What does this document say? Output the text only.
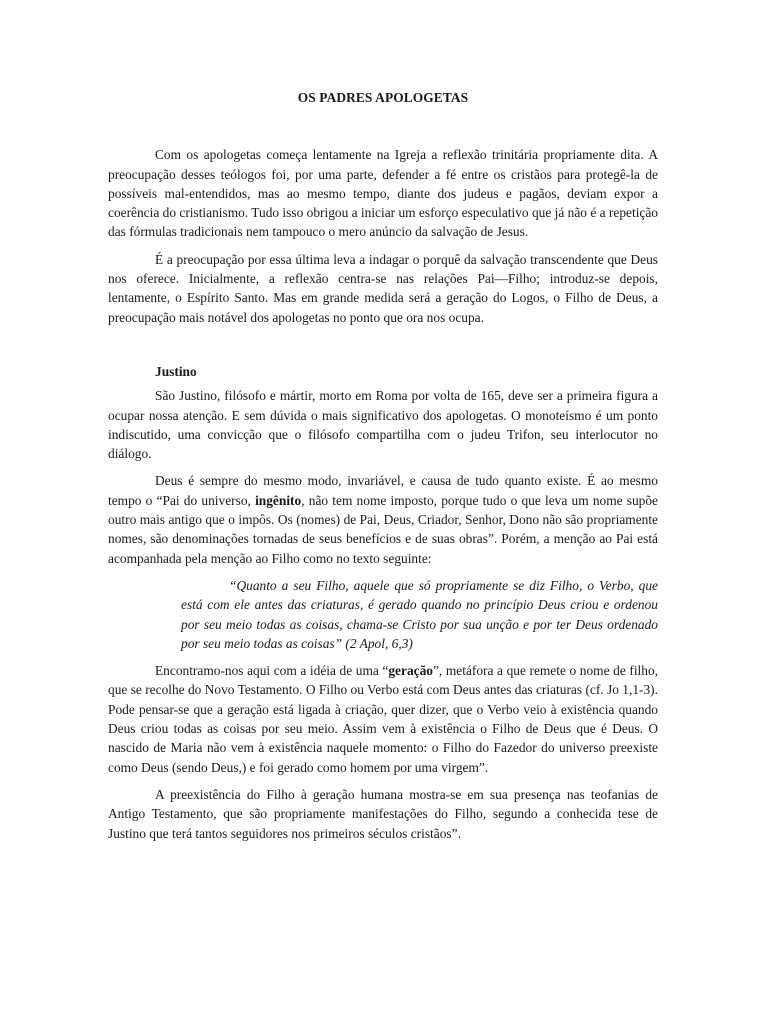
OS PADRES APOLOGETAS

Com os apologetas começa lentamente na Igreja a reflexão trinitária propriamente dita. A preocupação desses teólogos foi, por uma parte, defender a fé entre os cristãos para protegê-la de possíveis mal-entendidos, mas ao mesmo tempo, diante dos judeus e pagãos, deviam expor a coerência do cristianismo. Tudo isso obrigou a iniciar um esforço especulativo que já não é a repetição das fórmulas tradicionais nem tampouco o mero anúncio da salvação de Jesus.

É a preocupação por essa última leva a indagar o porquê da salvação transcendente que Deus nos oferece. Inicialmente, a reflexão centra-se nas relações Pai—Filho; introduz-se depois, lentamente, o Espírito Santo. Mas em grande medida será a geração do Logos, o Filho de Deus, a preocupação mais notável dos apologetas no ponto que ora nos ocupa.

Justino

São Justino, filósofo e mártir, morto em Roma por volta de 165, deve ser a primeira figura a ocupar nossa atenção. E sem dúvida o mais significativo dos apologetas. O monoteísmo é um ponto indiscutido, uma convicção que o filósofo compartilha com o judeu Trifon, seu interlocutor no diálogo.

Deus é sempre do mesmo modo, invariável, e causa de tudo quanto existe. É ao mesmo tempo o “Pai do universo, ingênito, não tem nome imposto, porque tudo o que leva um nome supõe outro mais antigo que o impôs. Os (nomes) de Pai, Deus, Criador, Senhor, Dono não são propriamente nomes, são denominações tornadas de seus benefícios e de suas obras”. Porém, a menção ao Pai está acompanhada pela menção ao Filho como no texto seguinte:

“Quanto a seu Filho, aquele que só propriamente se diz Filho, o Verbo, que está com ele antes das criaturas, é gerado quando no princípio Deus criou e ordenou por seu meio todas as coisas, chama-se Cristo por sua unção e por ter Deus ordenado por seu meio todas as coisas” (2 Apol, 6,3)

Encontramo-nos aqui com a idéia de uma “geração”, metáfora a que remete o nome de filho, que se recolhe do Novo Testamento. O Filho ou Verbo está com Deus antes das criaturas (cf. Jo 1,1-3). Pode pensar-se que a geração está ligada à criação, quer dizer, que o Verbo veio à existência quando Deus criou todas as coisas por seu meio. Assim vem à existência o Filho de Deus que é Deus. O nascido de Maria não vem à existência naquele momento: o Filho do Fazedor do universo preexiste como Deus (sendo Deus,) e foi gerado como homem por uma virgem”.

A preexistência do Filho à geração humana mostra-se em sua presença nas teofanias de Antigo Testamento, que são propriamente manifestações do Filho, segundo a conhecida tese de Justino que terá tantos seguidores nos primeiros séculos cristãos”.
